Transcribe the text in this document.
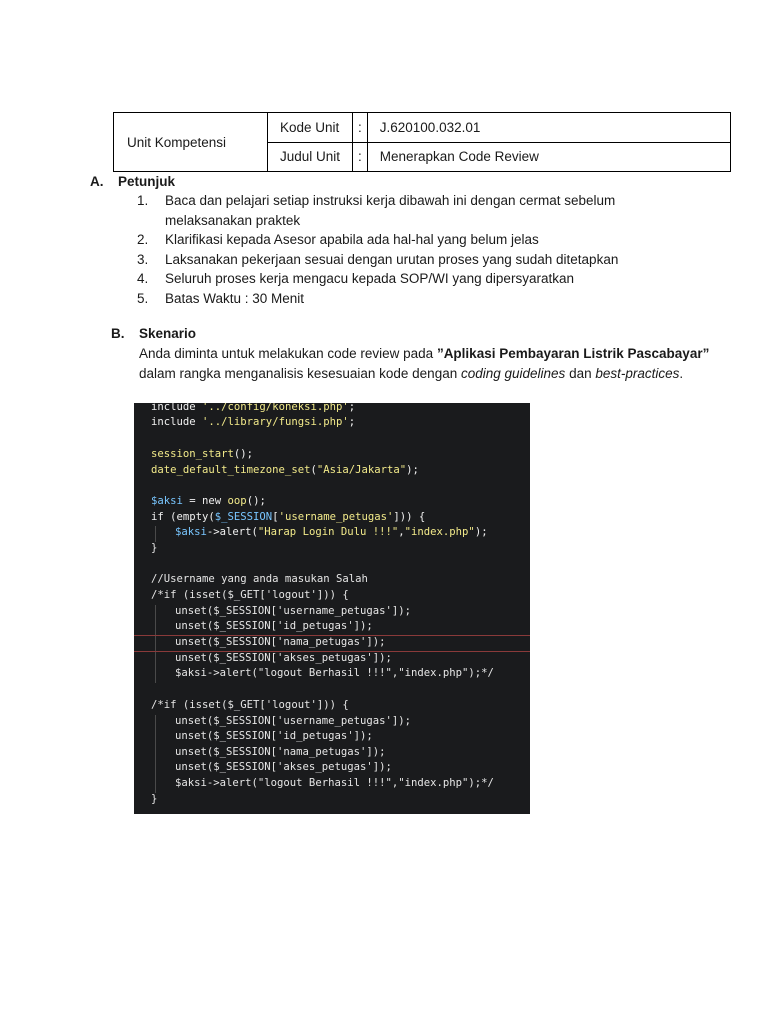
Unit Kompetensi	Kode Unit	:	J.620100.032.01
	Judul Unit	:	Menerapkan Code Review
A. Petunjuk
1. Baca dan pelajari setiap instruksi kerja dibawah ini dengan cermat sebelum melaksanakan praktek
2. Klarifikasi kepada Asesor apabila ada hal-hal yang belum jelas
3. Laksanakan pekerjaan sesuai dengan urutan proses yang sudah ditetapkan
4. Seluruh proses kerja mengacu kepada SOP/WI yang dipersyaratkan
5. Batas Waktu : 30 Menit
B. Skenario

Anda diminta untuk melakukan code review pada ”Aplikasi Pembayaran Listrik Pascabayar”
dalam rangka menganalisis kesesuaian kode dengan coding guidelines dan best-practices.

include '../config/koneksi.php';
include '../library/fungsi.php';
session_start();
date_default_timezone_set("Asia/Jakarta");
$aksi = new oop();
if (empty($_SESSION['username_petugas'])) {
$aksi->alert("Harap Login Dulu !!!","index.php");
}
//Username yang anda masukan Salah
/*if (isset($_GET['logout'])) {
unset($_SESSION['username_petugas']);
unset($_SESSION['id_petugas']);
unset($_SESSION['nama_petugas']);
unset($_SESSION['akses_petugas']);
$aksi->alert("logout Berhasil !!!","index.php");*/
/*if (isset($_GET['logout'])) {
unset($_SESSION['username_petugas']);
unset($_SESSION['id_petugas']);
unset($_SESSION['nama_petugas']);
unset($_SESSION['akses_petugas']);
$aksi->alert("logout Berhasil !!!","index.php");*/
}
